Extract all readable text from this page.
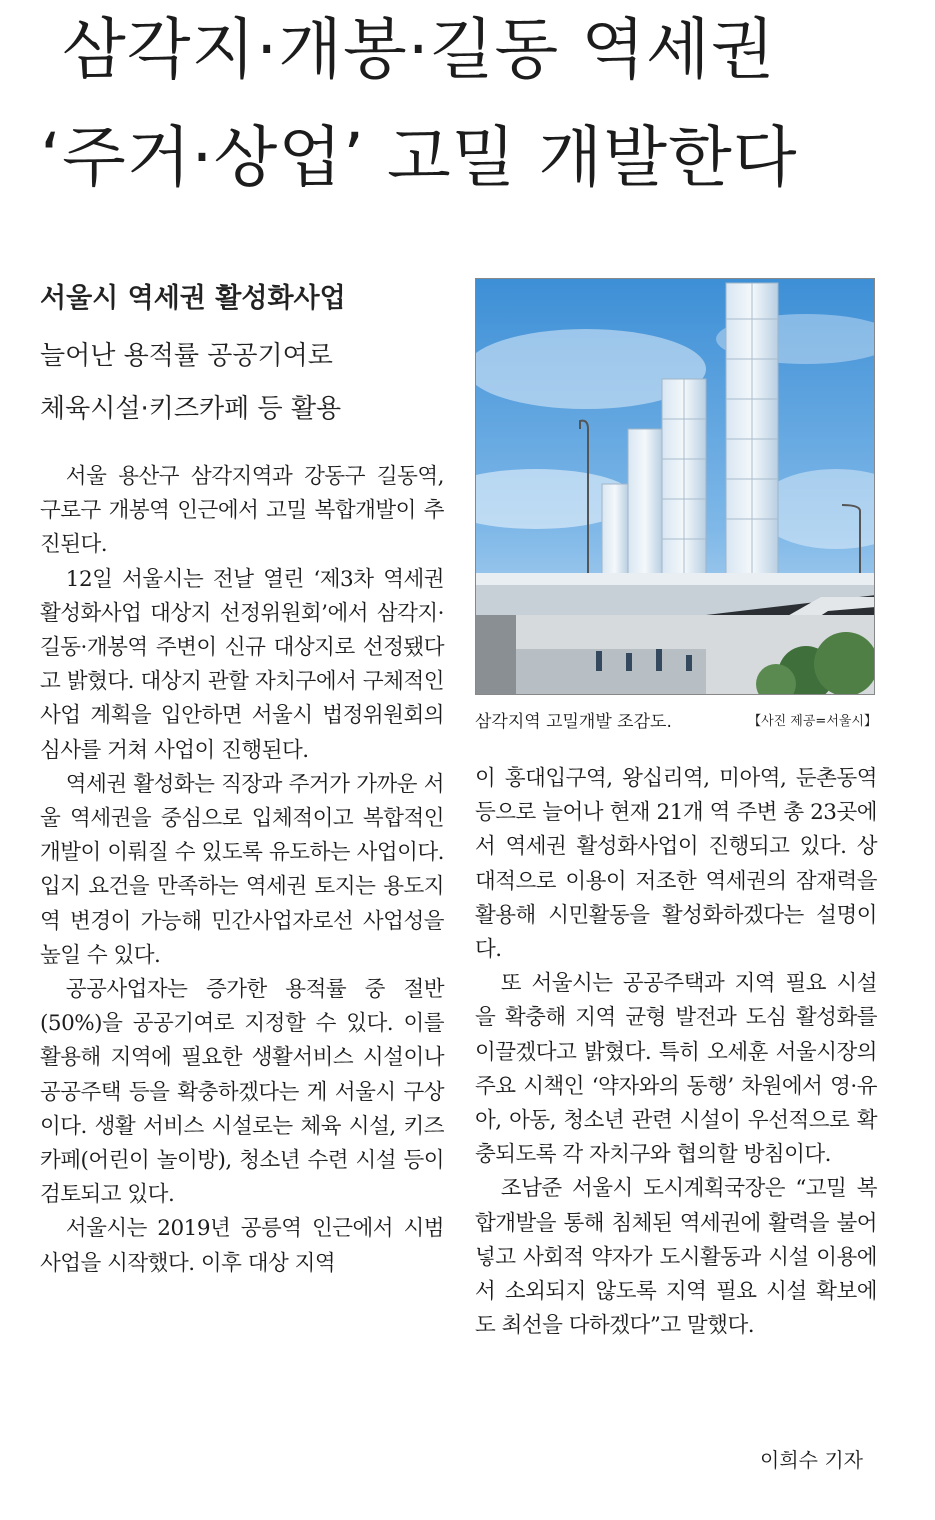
삼각지·개봉·길동 역세권
‘주거·상업’ 고밀 개발한다
서울시 역세권 활성화사업
늘어난 용적률 공공기여로
체육시설·키즈카페 등 활용

서울 용산구 삼각지역과 강동구 길동역, 구로구 개봉역 인근에서 고밀 복합개발이 추진된다.

12일 서울시는 전날 열린 ‘제3차 역세권 활성화사업 대상지 선정위원회’에서 삼각지·길동·개봉역 주변이 신규 대상지로 선정됐다고 밝혔다. 대상지 관할 자치구에서 구체적인 사업 계획을 입안하면 서울시 법정위원회의 심사를 거쳐 사업이 진행된다.

역세권 활성화는 직장과 주거가 가까운 서울 역세권을 중심으로 입체적이고 복합적인 개발이 이뤄질 수 있도록 유도하는 사업이다. 입지 요건을 만족하는 역세권 토지는 용도지역 변경이 가능해 민간사업자로선 사업성을 높일 수 있다.

공공사업자는 증가한 용적률 중 절반(50%)을 공공기여로 지정할 수 있다. 이를 활용해 지역에 필요한 생활서비스 시설이나 공공주택 등을 확충하겠다는 게 서울시 구상이다. 생활 서비스 시설로는 체육 시설, 키즈카페(어린이 놀이방), 청소년 수련 시설 등이 검토되고 있다.

서울시는 2019년 공릉역 인근에서 시범 사업을 시작했다. 이후 대상 지역

삼각지역 고밀개발 조감도.	【사진 제공=서울시】

이 홍대입구역, 왕십리역, 미아역, 둔촌동역 등으로 늘어나 현재 21개 역 주변 총 23곳에서 역세권 활성화사업이 진행되고 있다. 상대적으로 이용이 저조한 역세권의 잠재력을 활용해 시민활동을 활성화하겠다는 설명이다.

또 서울시는 공공주택과 지역 필요 시설을 확충해 지역 균형 발전과 도심 활성화를 이끌겠다고 밝혔다. 특히 오세훈 서울시장의 주요 시책인 ‘약자와의 동행’ 차원에서 영·유아, 아동, 청소년 관련 시설이 우선적으로 확충되도록 각 자치구와 협의할 방침이다.

조남준 서울시 도시계획국장은 “고밀 복합개발을 통해 침체된 역세권에 활력을 불어넣고 사회적 약자가 도시활동과 시설 이용에서 소외되지 않도록 지역 필요 시설 확보에도 최선을 다하겠다”고 말했다.

이희수 기자
